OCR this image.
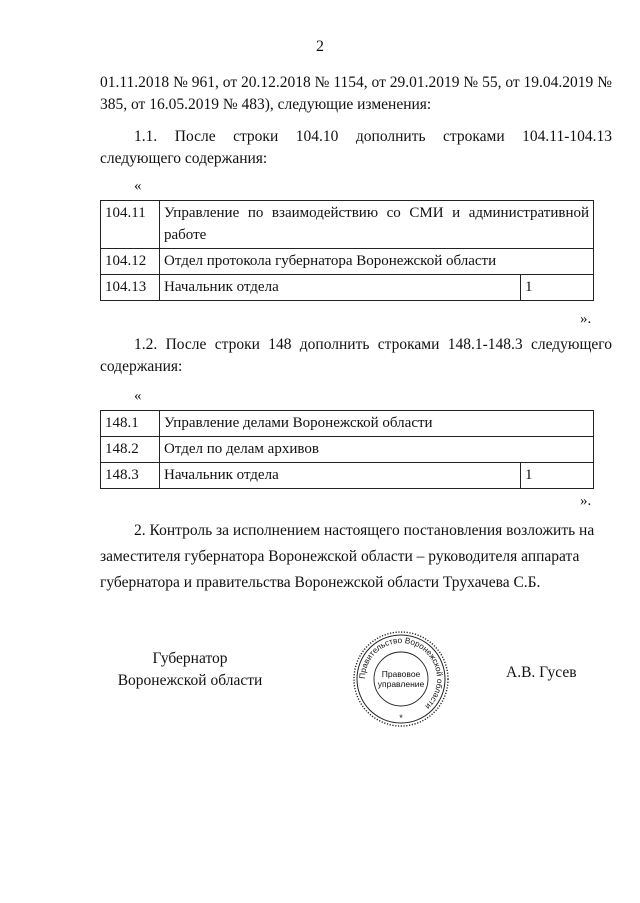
2

01.11.2018 № 961, от 20.12.2018 № 1154, от 29.01.2019 № 55, от 19.04.2019 № 385, от 16.05.2019 № 483), следующие изменения:

1.1. После строки 104.10 дополнить строками 104.11-104.13 следующего содержания:

«
104.11	Управление по взаимодействию со СМИ и административной работе	
104.12	Отдел протокола губернатора Воронежской области	
104.13	Начальник отдела	1
».

1.2. После строки 148 дополнить строками 148.1-148.3 следующего содержания:

«
148.1	Управление делами Воронежской области	
148.2	Отдел по делам архивов	
148.3	Начальник отдела	1
».

2. Контроль за исполнением настоящего постановления возложить на заместителя губернатора Воронежской области – руководителя аппарата губернатора и правительства Воронежской области Трухачева С.Б.

Губернатор
Воронежской области	Правительство Воронежской области
Правовое
управление
*
А.В. Гусев
